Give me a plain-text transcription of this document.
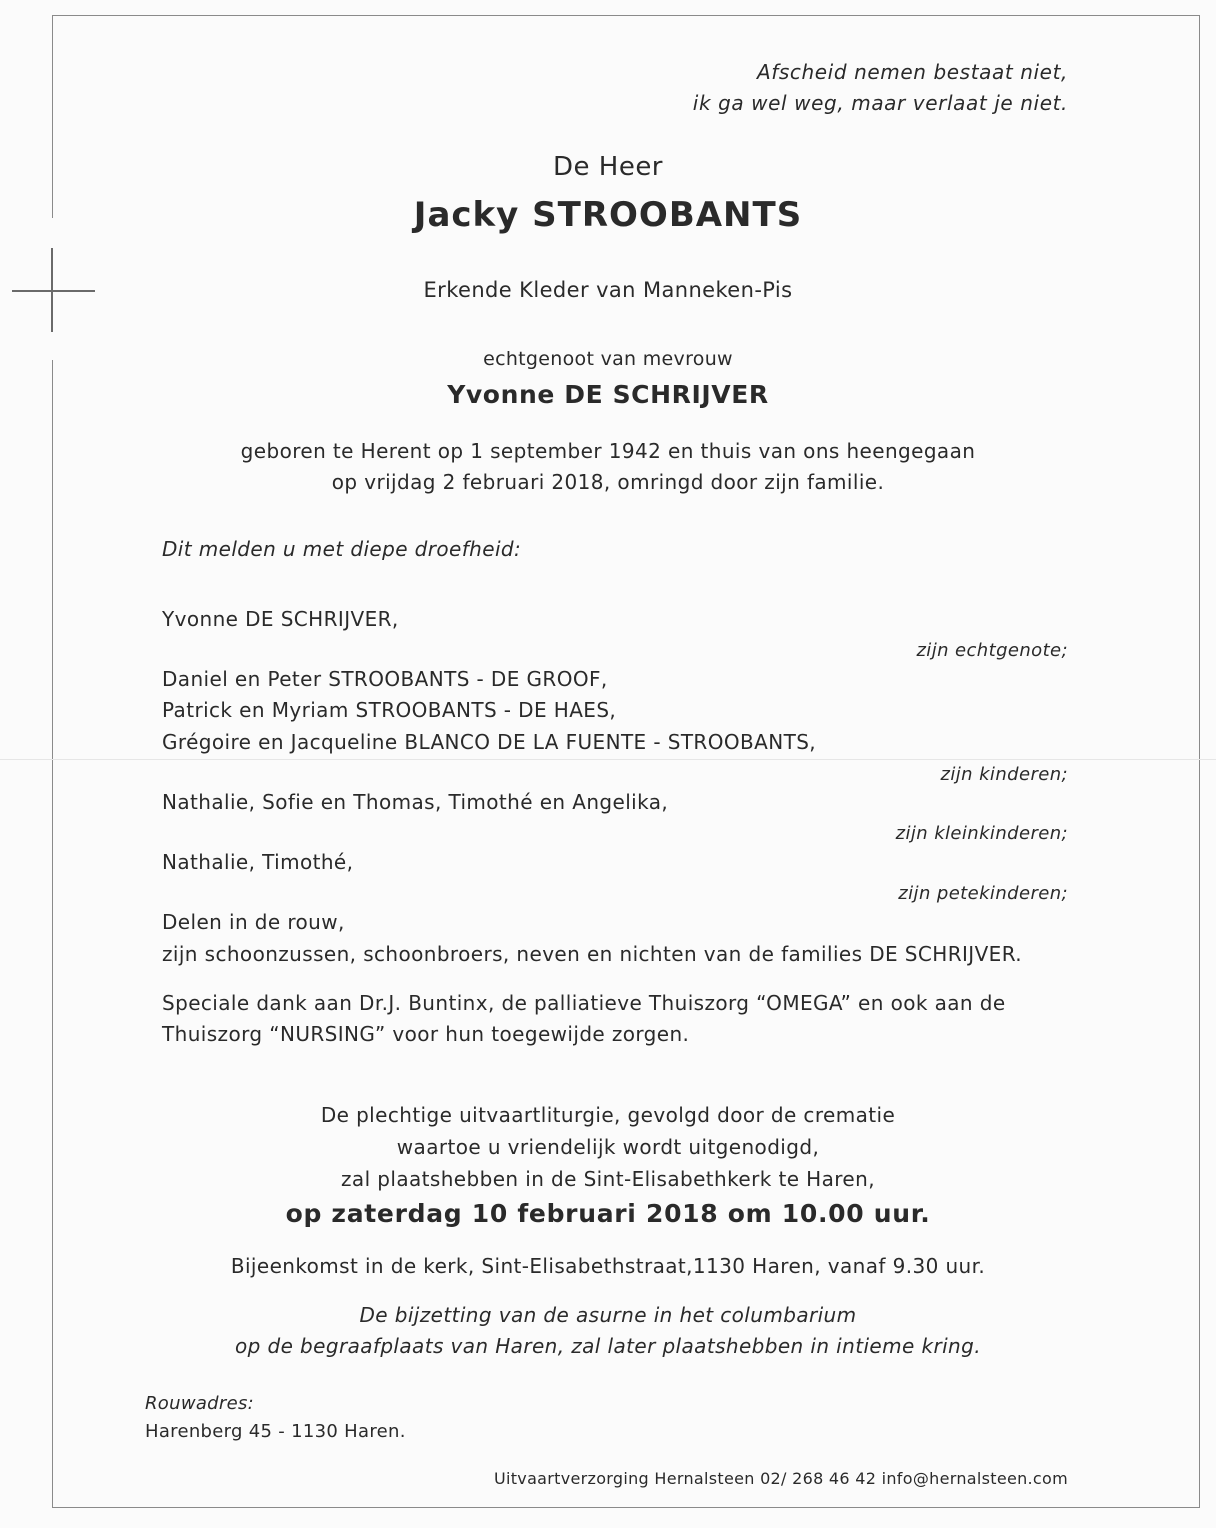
Afscheid nemen bestaat niet,

ik ga wel weg, maar verlaat je niet.

De Heer

Jacky STROOBANTS

Erkende Kleder van Manneken-Pis

echtgenoot van mevrouw

Yvonne DE SCHRIJVER

geboren te Herent op 1 september 1942 en thuis van ons heengegaan

op vrijdag 2 februari 2018, omringd door zijn familie.

Dit melden u met diepe droefheid:

Yvonne DE SCHRIJVER,

zijn echtgenote;

Daniel en Peter STROOBANTS - DE GROOF,

Patrick en Myriam STROOBANTS - DE HAES,

Grégoire en Jacqueline BLANCO DE LA FUENTE - STROOBANTS,

zijn kinderen;

Nathalie, Sofie en Thomas, Timothé en Angelika,

zijn kleinkinderen;

Nathalie, Timothé,

zijn petekinderen;

Delen in de rouw,

zijn schoonzussen, schoonbroers, neven en nichten van de families DE SCHRIJVER.

Speciale dank aan Dr.J. Buntinx, de palliatieve Thuiszorg “OMEGA” en ook aan de

Thuiszorg “NURSING” voor hun toegewijde zorgen.

De plechtige uitvaartliturgie, gevolgd door de crematie

waartoe u vriendelijk wordt uitgenodigd,

zal plaatshebben in de Sint-Elisabethkerk te Haren,

op zaterdag 10 februari 2018 om 10.00 uur.

Bijeenkomst in de kerk, Sint-Elisabethstraat,1130 Haren, vanaf 9.30 uur.

De bijzetting van de asurne in het columbarium

op de begraafplaats van Haren, zal later plaatshebben in intieme kring.

Rouwadres:

Harenberg 45 - 1130 Haren.

Uitvaartverzorging Hernalsteen 02/ 268 46 42 info@hernalsteen.com
